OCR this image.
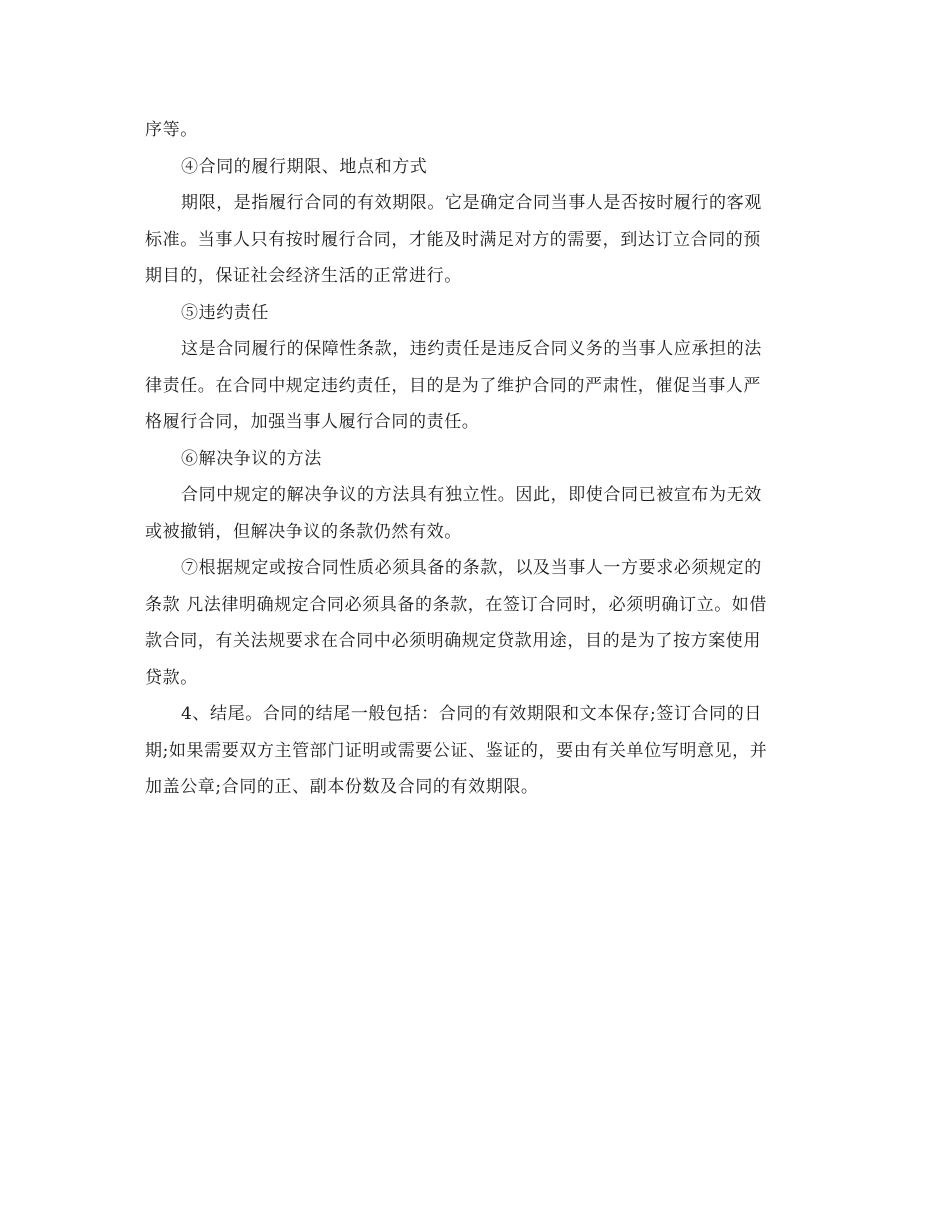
序等。
④合同的履行期限、地点和方式
期限，是指履行合同的有效期限。它是确定合同当事人是否按时履行的客观
标准。当事人只有按时履行合同，才能及时满足对方的需要，到达订立合同的预
期目的，保证社会经济生活的正常进行。
⑤违约责任
这是合同履行的保障性条款，违约责任是违反合同义务的当事人应承担的法
律责任。在合同中规定违约责任，目的是为了维护合同的严肃性，催促当事人严
格履行合同，加强当事人履行合同的责任。
⑥解决争议的方法
合同中规定的解决争议的方法具有独立性。因此，即使合同已被宣布为无效
或被撤销，但解决争议的条款仍然有效。
⑦根据规定或按合同性质必须具备的条款，以及当事人一方要求必须规定的
条款 凡法律明确规定合同必须具备的条款，在签订合同时，必须明确订立。如借
款合同，有关法规要求在合同中必须明确规定贷款用途，目的是为了按方案使用
贷款。
4、结尾。合同的结尾一般包括：合同的有效期限和文本保存;签订合同的日
期;如果需要双方主管部门证明或需要公证、鉴证的，要由有关单位写明意见，并
加盖公章;合同的正、副本份数及合同的有效期限。
